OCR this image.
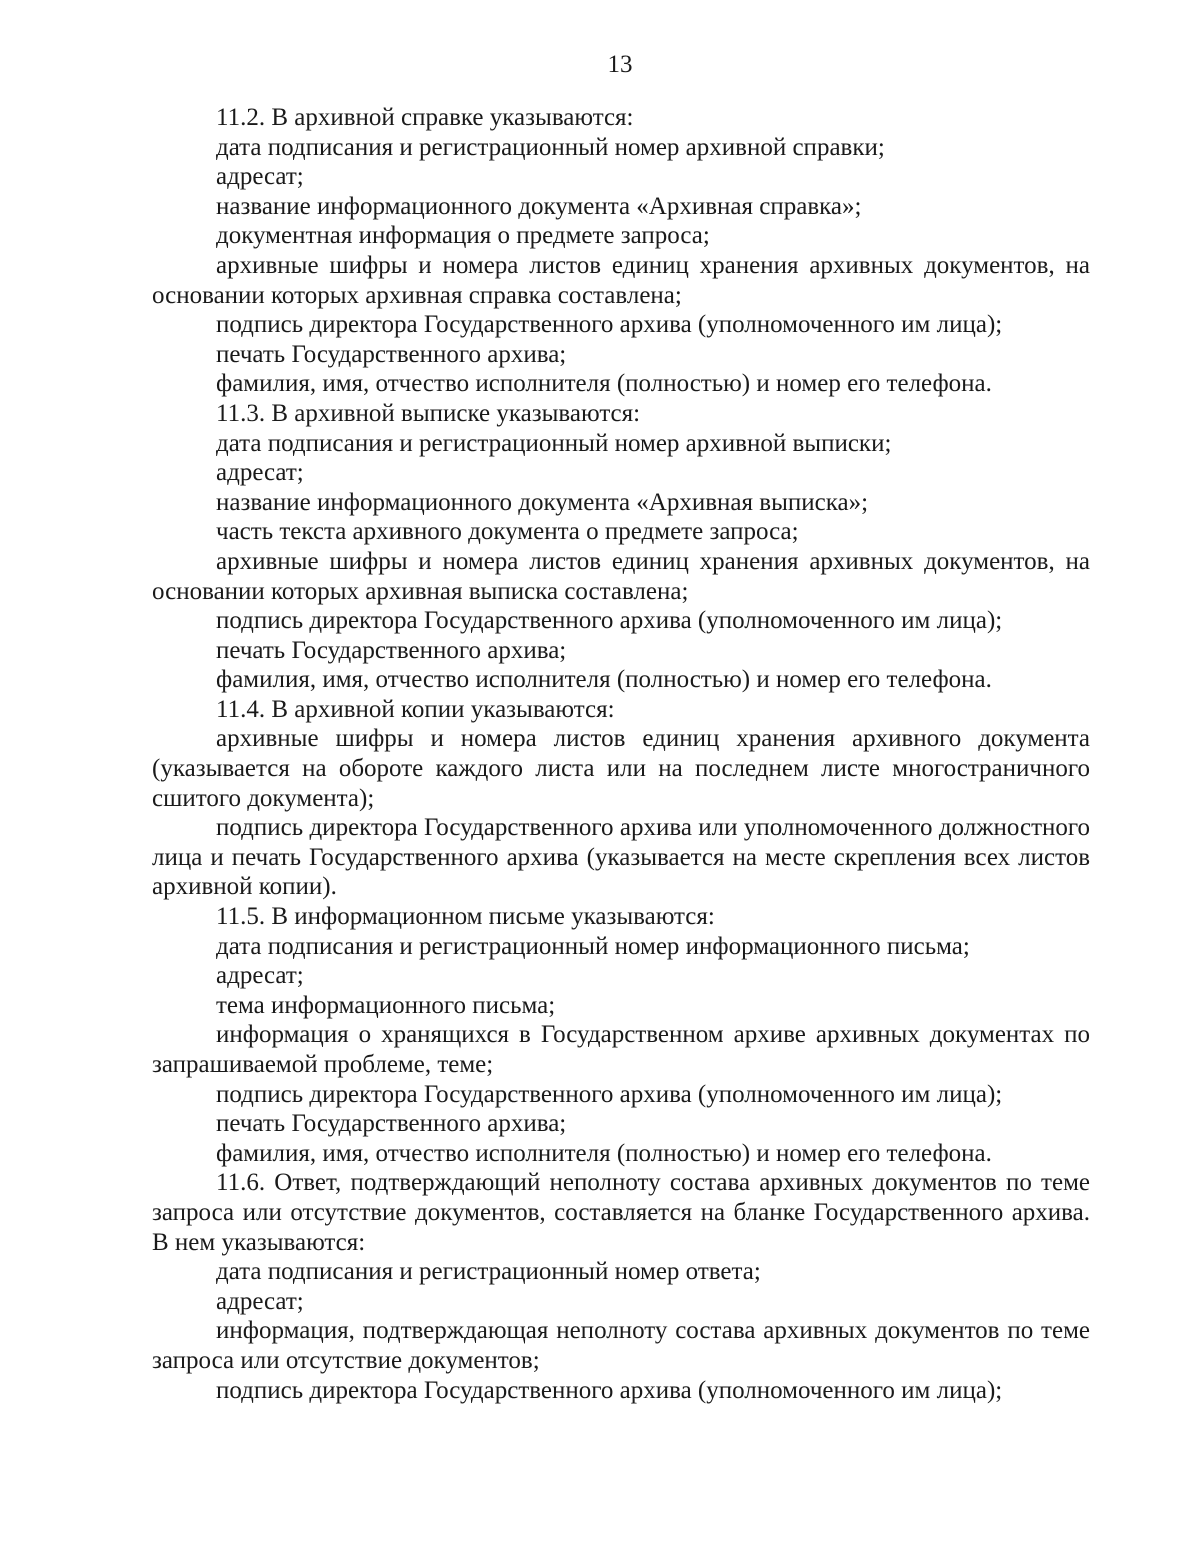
13

11.2. В архивной справке указываются:

дата подписания и регистрационный номер архивной справки;

адресат;

название информационного документа «Архивная справка»;

документная информация о предмете запроса;

архивные шифры и номера листов единиц хранения архивных документов, на основании которых архивная справка составлена;

подпись директора Государственного архива (уполномоченного им лица);

печать Государственного архива;

фамилия, имя, отчество исполнителя (полностью) и номер его телефона.

11.3. В архивной выписке указываются:

дата подписания и регистрационный номер архивной выписки;

адресат;

название информационного документа «Архивная выписка»;

часть текста архивного документа о предмете запроса;

архивные шифры и номера листов единиц хранения архивных документов, на основании которых архивная выписка составлена;

подпись директора Государственного архива (уполномоченного им лица);

печать Государственного архива;

фамилия, имя, отчество исполнителя (полностью) и номер его телефона.

11.4. В архивной копии указываются:

архивные шифры и номера листов единиц хранения архивного документа (указывается на обороте каждого листа или на последнем листе многостраничного сшитого документа);

подпись директора Государственного архива или уполномоченного должностного лица и печать Государственного архива (указывается на месте скрепления всех листов архивной копии).

11.5. В информационном письме указываются:

дата подписания и регистрационный номер информационного письма;

адресат;

тема информационного письма;

информация о хранящихся в Государственном архиве архивных документах по запрашиваемой проблеме, теме;

подпись директора Государственного архива (уполномоченного им лица);

печать Государственного архива;

фамилия, имя, отчество исполнителя (полностью) и номер его телефона.

11.6. Ответ, подтверждающий неполноту состава архивных документов по теме запроса или отсутствие документов, составляется на бланке Государственного архива. В нем указываются:

дата подписания и регистрационный номер ответа;

адресат;

информация, подтверждающая неполноту состава архивных документов по теме запроса или отсутствие документов;

подпись директора Государственного архива (уполномоченного им лица);
